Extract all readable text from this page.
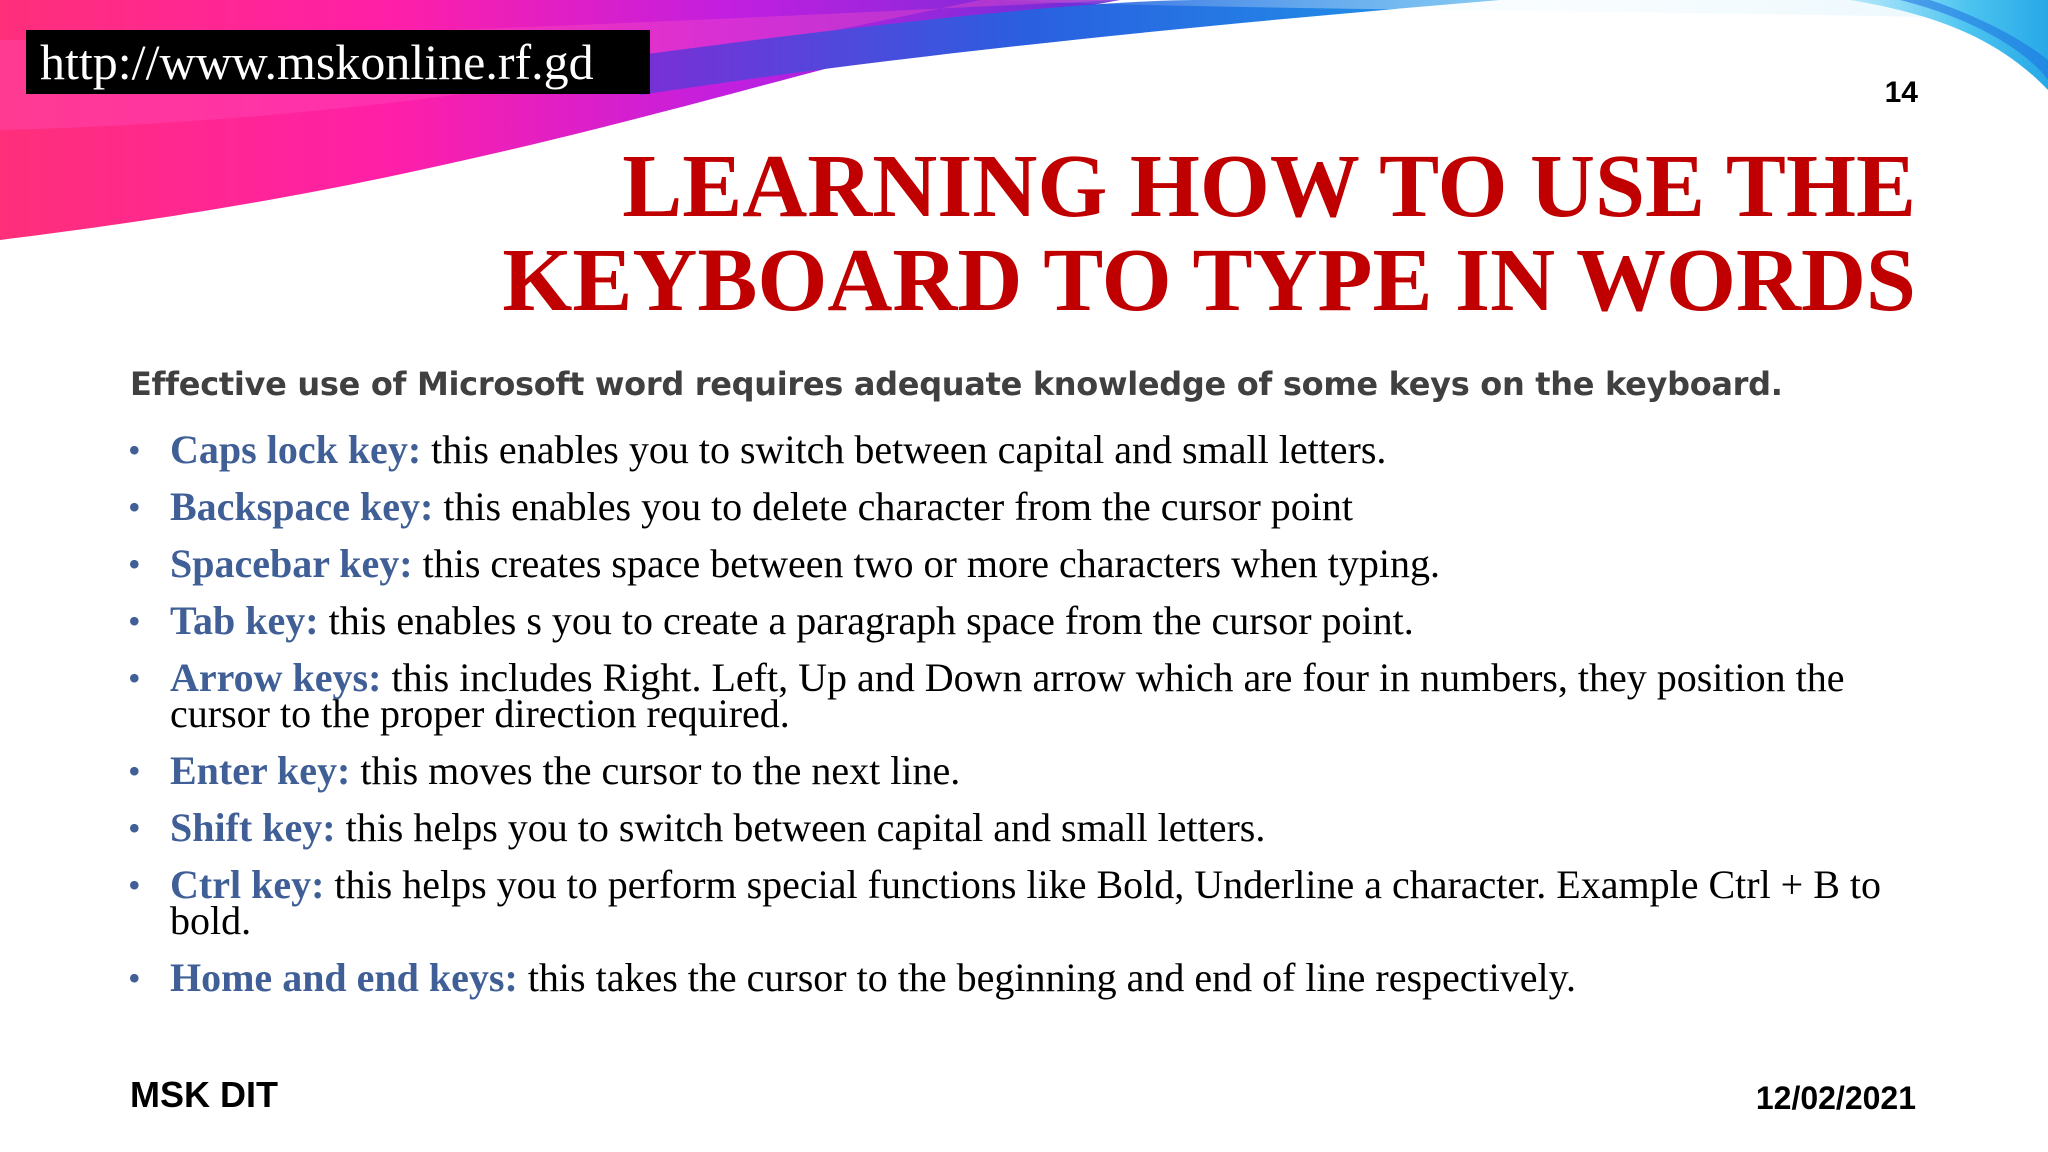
http://www.mskonline.rf.gd
14
LEARNING HOW TO USE THE
KEYBOARD TO TYPE IN WORDS
Effective use of Microsoft word requires adequate knowledge of some keys on the keyboard.
• Caps lock key: this enables you to switch between capital and small letters.
• Backspace key: this enables you to delete character from the cursor point
• Spacebar key: this creates space between two or more characters when typing.
• Tab key: this enables s you to create a paragraph space from the cursor point.
• Arrow keys: this includes Right. Left, Up and Down arrow which are four in numbers, they position the cursor to the proper direction required.
• Enter key: this moves the cursor to the next line.
• Shift key: this helps you to switch between capital and small letters.
• Ctrl key: this helps you to perform special functions like Bold, Underline a character. Example Ctrl + B to bold.
• Home and end keys: this takes the cursor to the beginning and end of line respectively.
MSK DIT	12/02/2021
